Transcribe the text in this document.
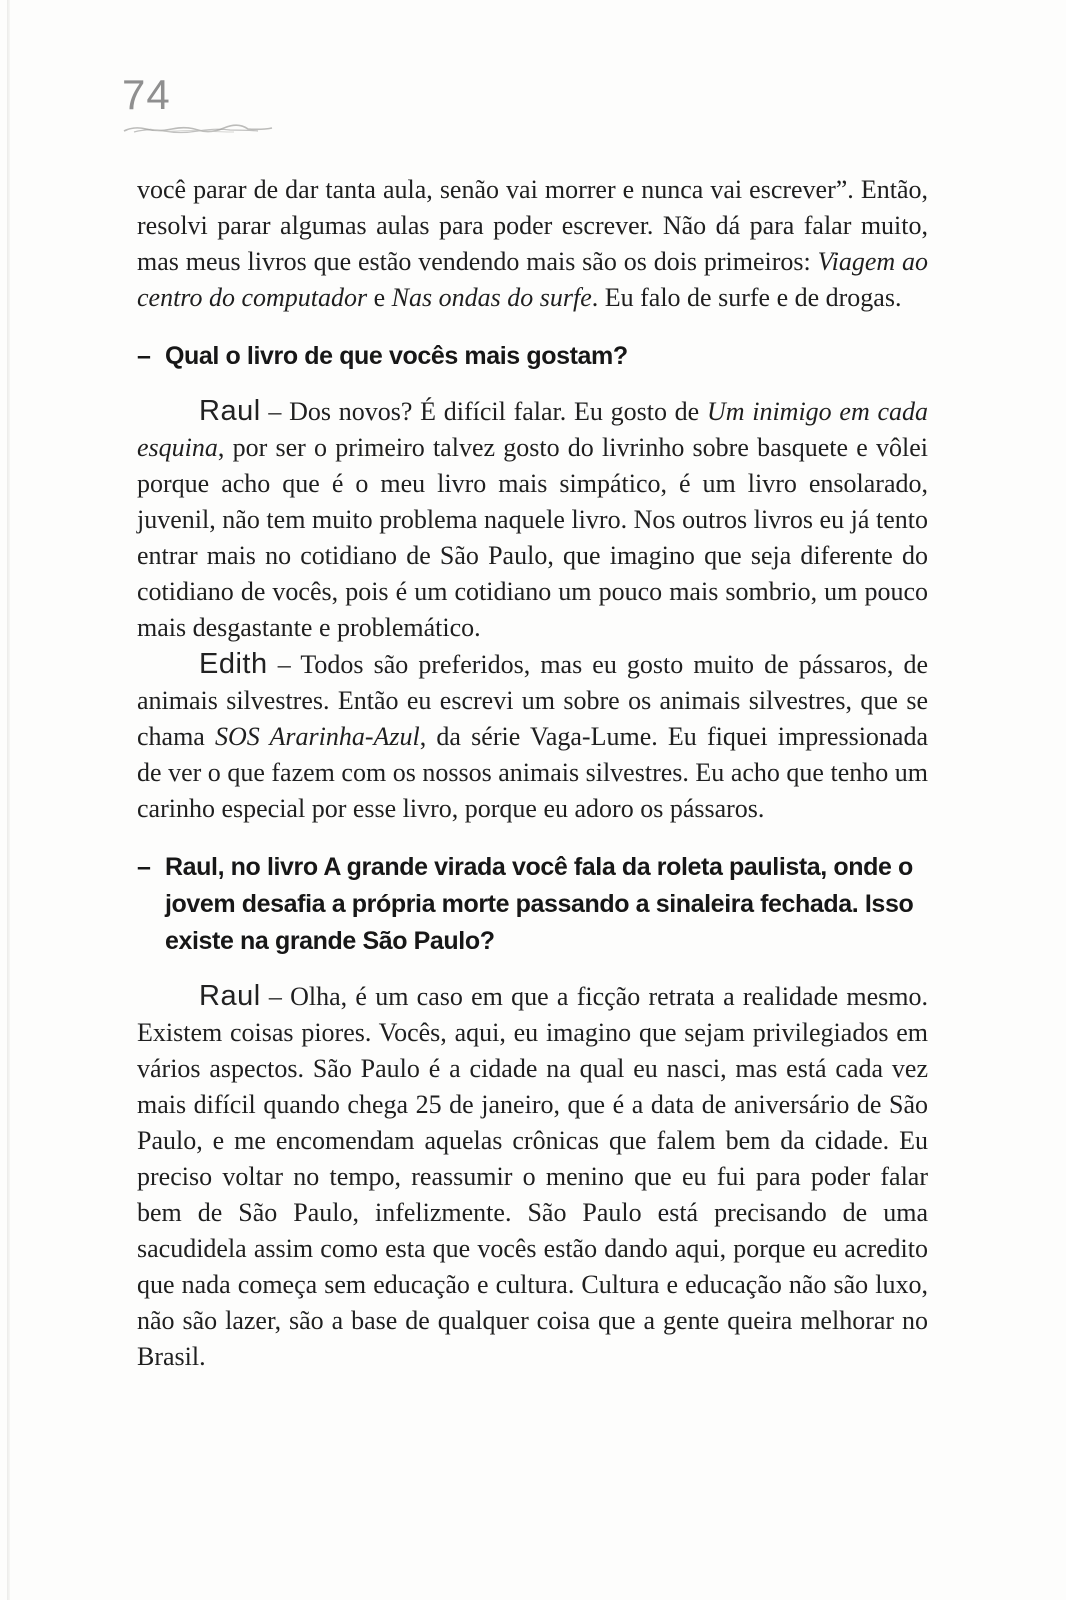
74

você parar de dar tanta aula, senão vai morrer e nunca vai escrever”. Então, resolvi parar algumas aulas para poder escrever. Não dá para falar muito, mas meus livros que estão vendendo mais são os dois primeiros: Viagem ao centro do computador e Nas ondas do surfe. Eu falo de surfe e de drogas.

– Qual o livro de que vocês mais gostam?

Raul – Dos novos? É difícil falar. Eu gosto de Um inimigo em cada esquina, por ser o primeiro talvez gosto do livrinho sobre basquete e vôlei porque acho que é o meu livro mais simpático, é um livro ensolarado, juvenil, não tem muito problema naquele livro. Nos outros livros eu já tento entrar mais no cotidiano de São Paulo, que imagino que seja diferente do cotidiano de vocês, pois é um cotidiano um pouco mais sombrio, um pouco mais desgastante e problemático.

Edith – Todos são preferidos, mas eu gosto muito de pássaros, de animais silvestres. Então eu escrevi um sobre os animais silvestres, que se chama SOS Ararinha-Azul, da série Vaga-Lume. Eu fiquei impressionada de ver o que fazem com os nossos animais silvestres. Eu acho que tenho um carinho especial por esse livro, porque eu adoro os pássaros.

– Raul, no livro A grande virada você fala da roleta paulista, onde o jovem desafia a própria morte passando a sinaleira fechada. Isso existe na grande São Paulo?

Raul – Olha, é um caso em que a ficção retrata a realidade mesmo. Existem coisas piores. Vocês, aqui, eu imagino que sejam privilegiados em vários aspectos. São Paulo é a cidade na qual eu nasci, mas está cada vez mais difícil quando chega 25 de janeiro, que é a data de aniversário de São Paulo, e me encomendam aquelas crônicas que falem bem da cidade. Eu preciso voltar no tempo, reassumir o menino que eu fui para poder falar bem de São Paulo, infelizmente. São Paulo está precisando de uma sacudidela assim como esta que vocês estão dando aqui, porque eu acredito que nada começa sem educação e cultura. Cultura e educação não são luxo, não são lazer, são a base de qualquer coisa que a gente queira melhorar no Brasil.
